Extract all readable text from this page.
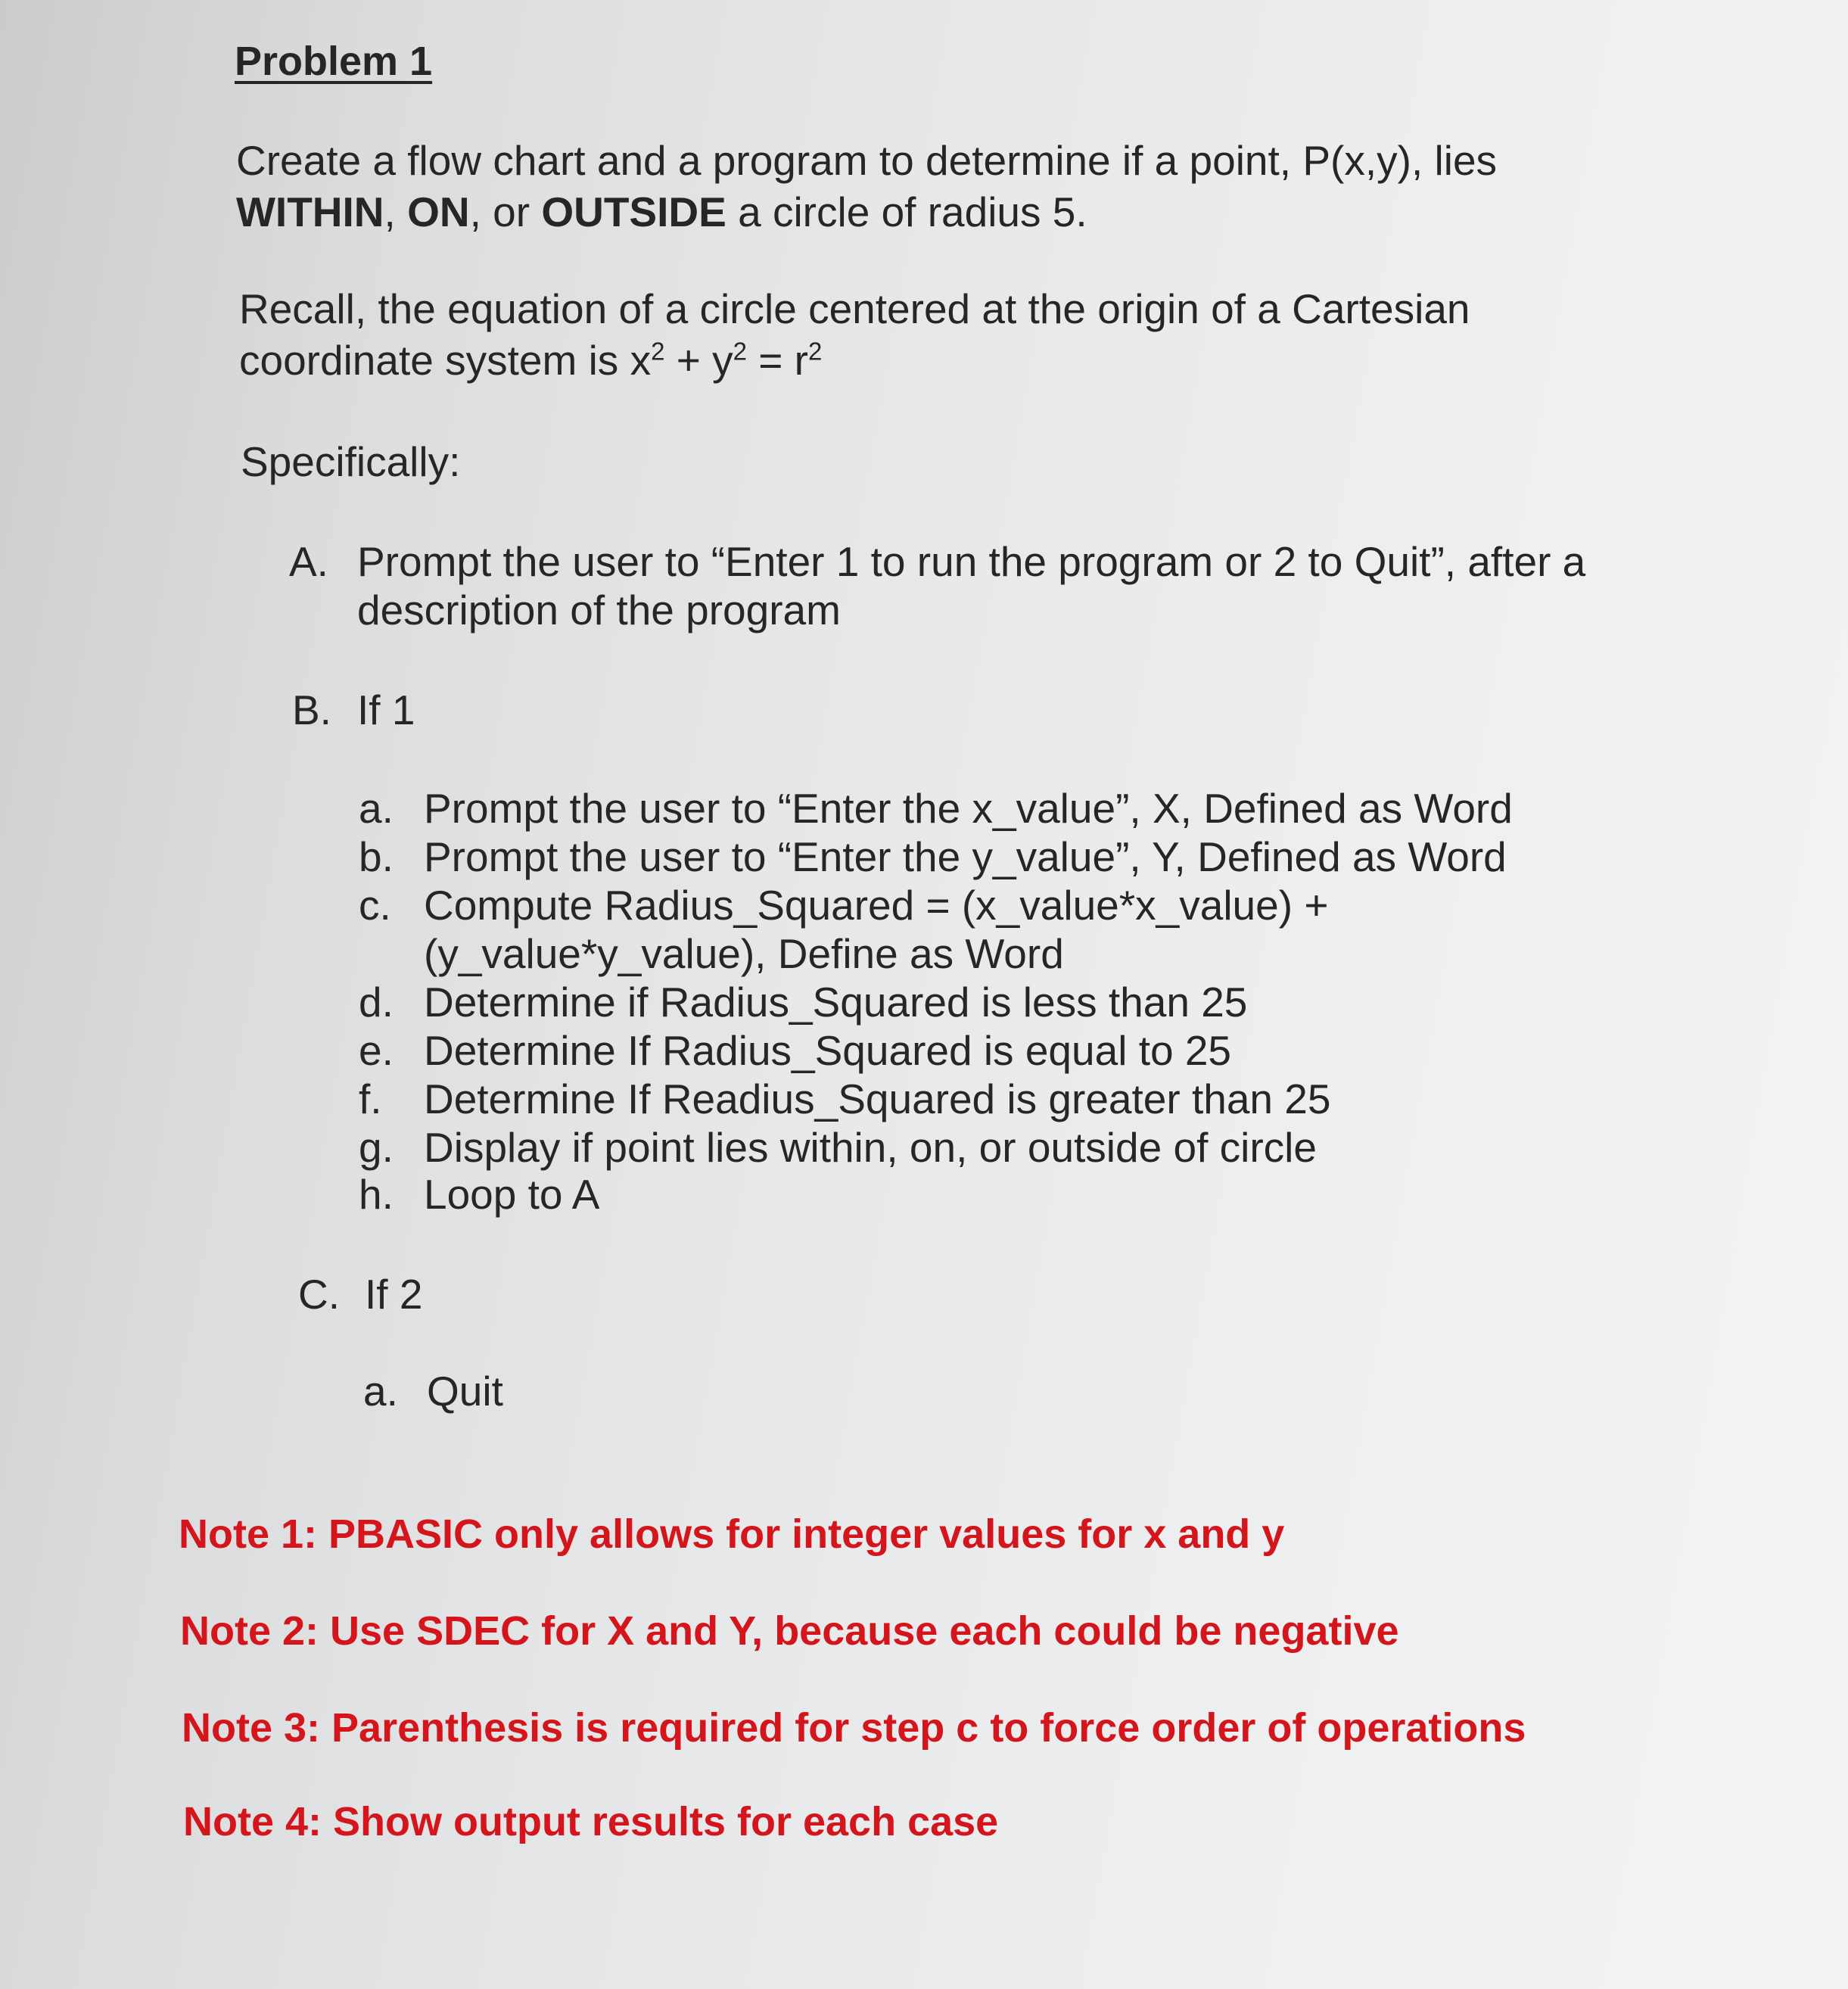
Problem 1
Create a flow chart and a program to determine if a point, P(x,y), lies
WITHIN, ON, or OUTSIDE a circle of radius 5.
Recall, the equation of a circle centered at the origin of a Cartesian
coordinate system is $x^2 + y^2 = r^2$
Specifically:
A. Prompt the user to “Enter 1 to run the program or 2 to Quit”, after a
description of the program
B. If 1
a. Prompt the user to “Enter the x_value”, X, Defined as Word
b. Prompt the user to “Enter the y_value”, Y, Defined as Word
c. Compute Radius_Squared = (x_value*x_value) +
(y_value*y_value), Define as Word
d. Determine if Radius_Squared is less than 25
e. Determine If Radius_Squared is equal to 25
f. Determine If Readius_Squared is greater than 25
g. Display if point lies within, on, or outside of circle
h. Loop to A
C. If 2
a. Quit
Note 1: PBASIC only allows for integer values for x and y
Note 2: Use SDEC for X and Y, because each could be negative
Note 3: Parenthesis is required for step c to force order of operations
Note 4: Show output results for each case
